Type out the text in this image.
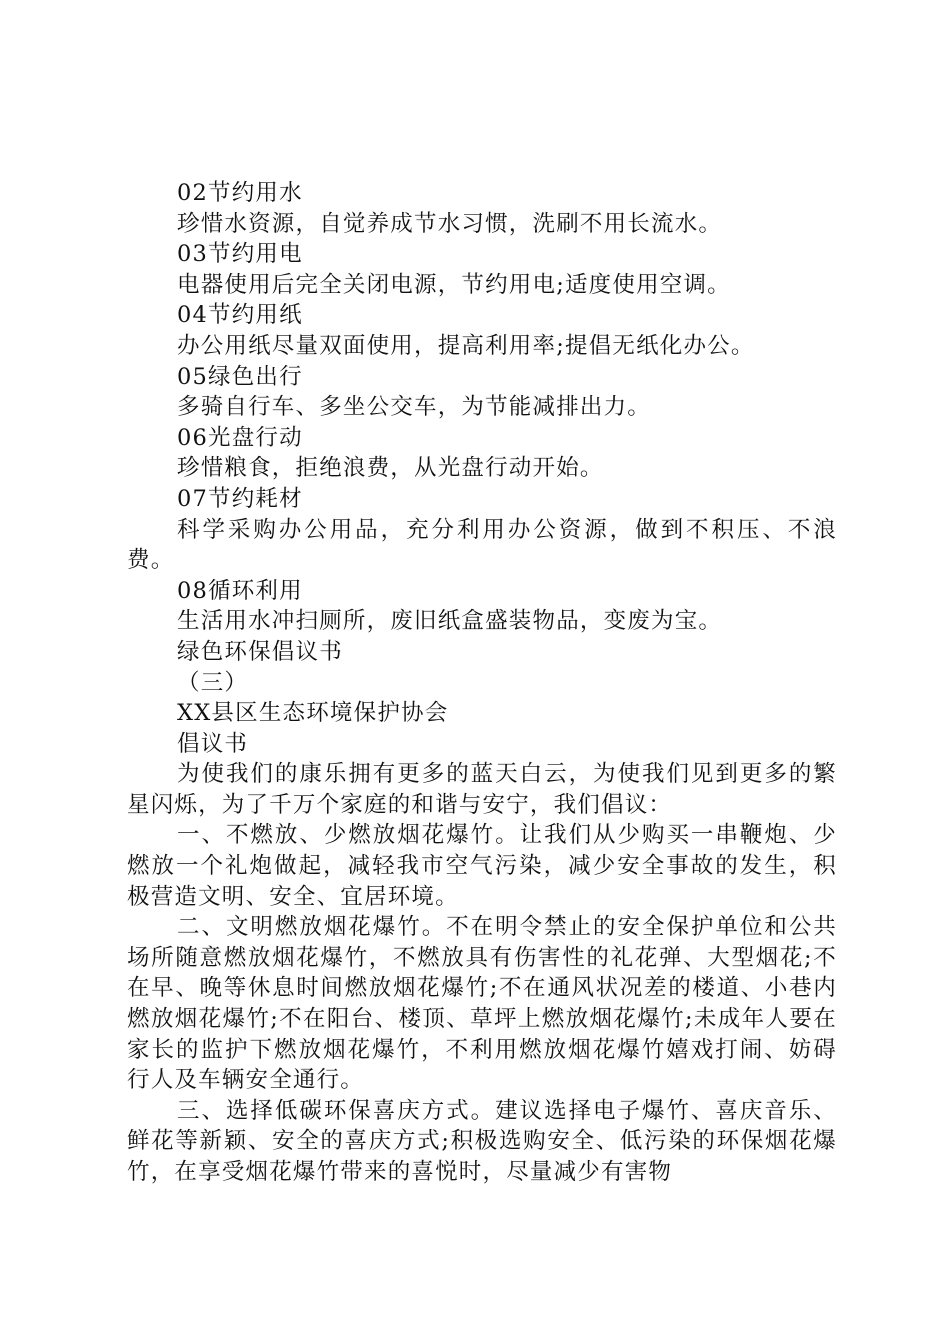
02节约用水

珍惜水资源，自觉养成节水习惯，洗刷不用长流水。

03节约用电

电器使用后完全关闭电源，节约用电;适度使用空调。

04节约用纸

办公用纸尽量双面使用，提高利用率;提倡无纸化办公。

05绿色出行

多骑自行车、多坐公交车，为节能减排出力。

06光盘行动

珍惜粮食，拒绝浪费，从光盘行动开始。

07节约耗材

科学采购办公用品，充分利用办公资源，做到不积压、不浪费。

08循环利用

生活用水冲扫厕所，废旧纸盒盛装物品，变废为宝。

绿色环保倡议书

（三）

XX县区生态环境保护协会

倡议书

为使我们的康乐拥有更多的蓝天白云，为使我们见到更多的繁星闪烁，为了千万个家庭的和谐与安宁，我们倡议：

一、不燃放、少燃放烟花爆竹。让我们从少购买一串鞭炮、少燃放一个礼炮做起，减轻我市空气污染，减少安全事故的发生，积极营造文明、安全、宜居环境。

二、文明燃放烟花爆竹。不在明令禁止的安全保护单位和公共场所随意燃放烟花爆竹，不燃放具有伤害性的礼花弹、大型烟花;不在早、晚等休息时间燃放烟花爆竹;不在通风状况差的楼道、小巷内燃放烟花爆竹;不在阳台、楼顶、草坪上燃放烟花爆竹;未成年人要在家长的监护下燃放烟花爆竹，不利用燃放烟花爆竹嬉戏打闹、妨碍行人及车辆安全通行。

三、选择低碳环保喜庆方式。建议选择电子爆竹、喜庆音乐、鲜花等新颖、安全的喜庆方式;积极选购安全、低污染的环保烟花爆竹，在享受烟花爆竹带来的喜悦时，尽量减少有害物
